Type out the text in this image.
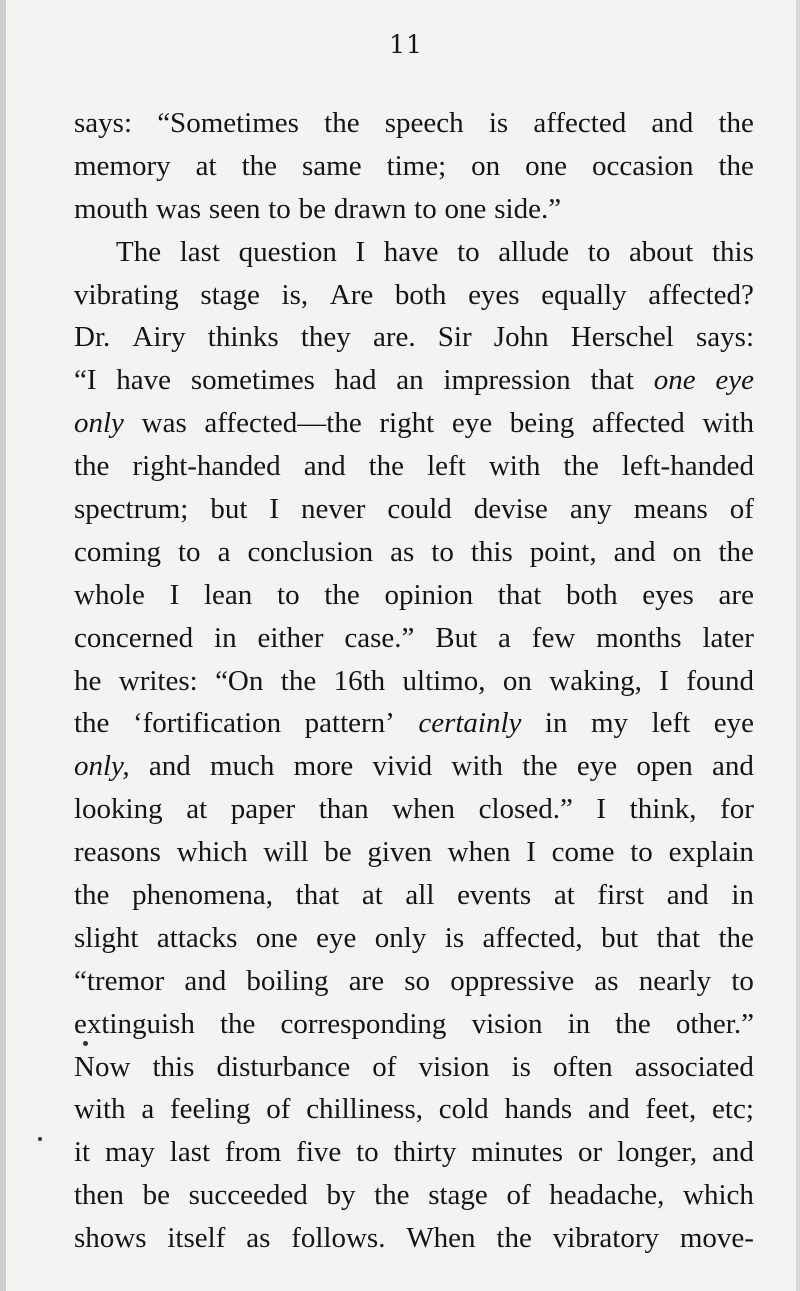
11
says: “Sometimes the speech is affected and the
memory at the same time; on one occasion the
mouth was seen to be drawn to one side.”
The last question I have to allude to about this
vibrating stage is, Are both eyes equally affected?
Dr. Airy thinks they are. Sir John Herschel says:
“I have sometimes had an impression that one eye
only was affected—the right eye being affected with
the right-handed and the left with the left-handed
spectrum; but I never could devise any means of
coming to a conclusion as to this point, and on the
whole I lean to the opinion that both eyes are
concerned in either case.” But a few months later
he writes: “On the 16th ultimo, on waking, I found
the ‘fortification pattern’ certainly in my left eye
only, and much more vivid with the eye open and
looking at paper than when closed.” I think, for
reasons which will be given when I come to explain
the phenomena, that at all events at first and in
slight attacks one eye only is affected, but that the
“tremor and boiling are so oppressive as nearly to
extinguish the corresponding vision in the other.”
Now this disturbance of vision is often associated
with a feeling of chilliness, cold hands and feet, etc;
it may last from five to thirty minutes or longer, and
then be succeeded by the stage of headache, which
shows itself as follows. When the vibratory move-
